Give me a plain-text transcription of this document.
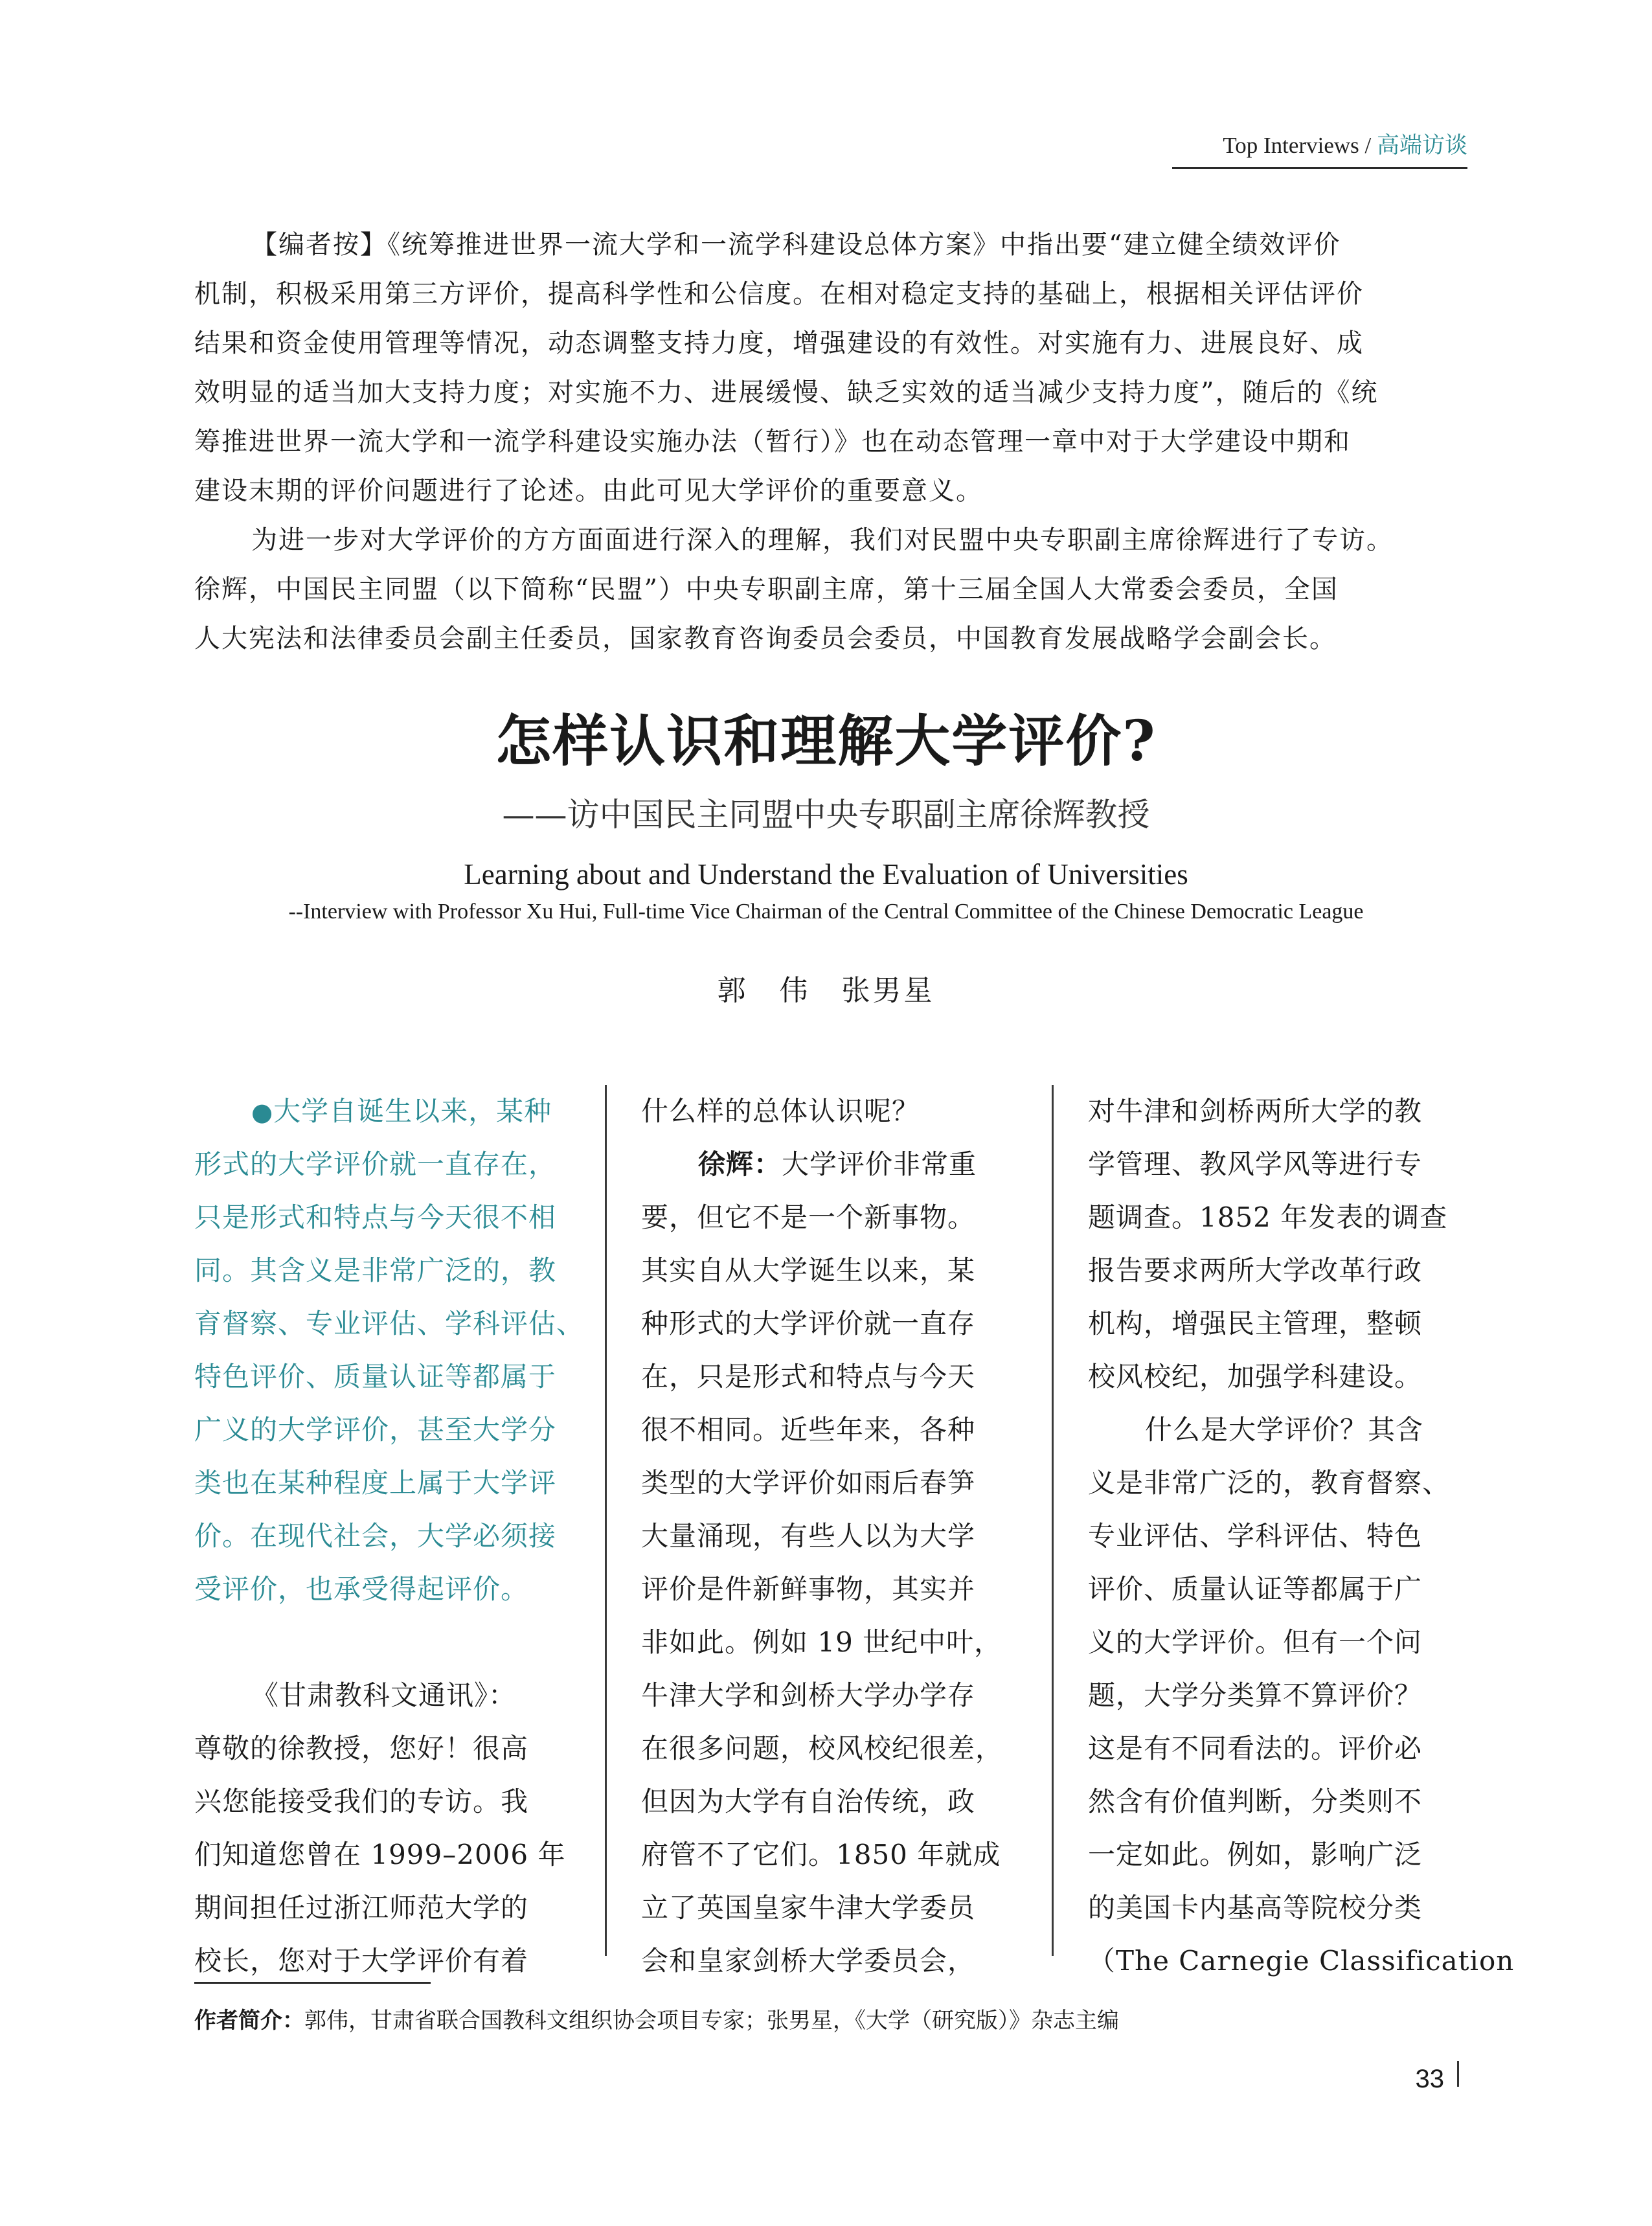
Top Interviews / 高端访谈
【编者按】《统筹推进世界一流大学和一流学科建设总体方案》中指出要“建立健全绩效评价
机制，积极采用第三方评价，提高科学性和公信度。在相对稳定支持的基础上，根据相关评估评价
结果和资金使用管理等情况，动态调整支持力度，增强建设的有效性。对实施有力、进展良好、成
效明显的适当加大支持力度；对实施不力、进展缓慢、缺乏实效的适当减少支持力度”，随后的《统
筹推进世界一流大学和一流学科建设实施办法（暂行）》也在动态管理一章中对于大学建设中期和
建设末期的评价问题进行了论述。由此可见大学评价的重要意义。
为进一步对大学评价的方方面面进行深入的理解，我们对民盟中央专职副主席徐辉进行了专访。
徐辉，中国民主同盟（以下简称“民盟”）中央专职副主席，第十三届全国人大常委会委员，全国
人大宪法和法律委员会副主任委员，国家教育咨询委员会委员，中国教育发展战略学会副会长。
怎样认识和理解大学评价?
——访中国民主同盟中央专职副主席徐辉教授
Learning about and Understand the Evaluation of Universities
--Interview with Professor Xu Hui, Full-time Vice Chairman of the Central Committee of the Chinese Democratic League
郭　伟　张男星
●大学自诞生以来，某种
形式的大学评价就一直存在，
只是形式和特点与今天很不相
同。其含义是非常广泛的，教
育督察、专业评估、学科评估、
特色评价、质量认证等都属于
广义的大学评价，甚至大学分
类也在某种程度上属于大学评
价。在现代社会，大学必须接
受评价，也承受得起评价。
《甘肃教科文通讯》：
尊敬的徐教授，您好！很高
兴您能接受我们的专访。我
们知道您曾在 1999–2006 年
期间担任过浙江师范大学的
校长，您对于大学评价有着
什么样的总体认识呢？
徐辉：大学评价非常重
要，但它不是一个新事物。
其实自从大学诞生以来，某
种形式的大学评价就一直存
在，只是形式和特点与今天
很不相同。近些年来，各种
类型的大学评价如雨后春笋
大量涌现，有些人以为大学
评价是件新鲜事物，其实并
非如此。例如 19 世纪中叶，
牛津大学和剑桥大学办学存
在很多问题，校风校纪很差，
但因为大学有自治传统，政
府管不了它们。1850 年就成
立了英国皇家牛津大学委员
会和皇家剑桥大学委员会，
对牛津和剑桥两所大学的教
学管理、教风学风等进行专
题调查。1852 年发表的调查
报告要求两所大学改革行政
机构，增强民主管理，整顿
校风校纪，加强学科建设。
什么是大学评价？其含
义是非常广泛的，教育督察、
专业评估、学科评估、特色
评价、质量认证等都属于广
义的大学评价。但有一个问
题，大学分类算不算评价？
这是有不同看法的。评价必
然含有价值判断，分类则不
一定如此。例如，影响广泛
的美国卡内基高等院校分类
（The Carnegie Classification
作者简介：郭伟，甘肃省联合国教科文组织协会项目专家；张男星，《大学（研究版）》杂志主编
33
